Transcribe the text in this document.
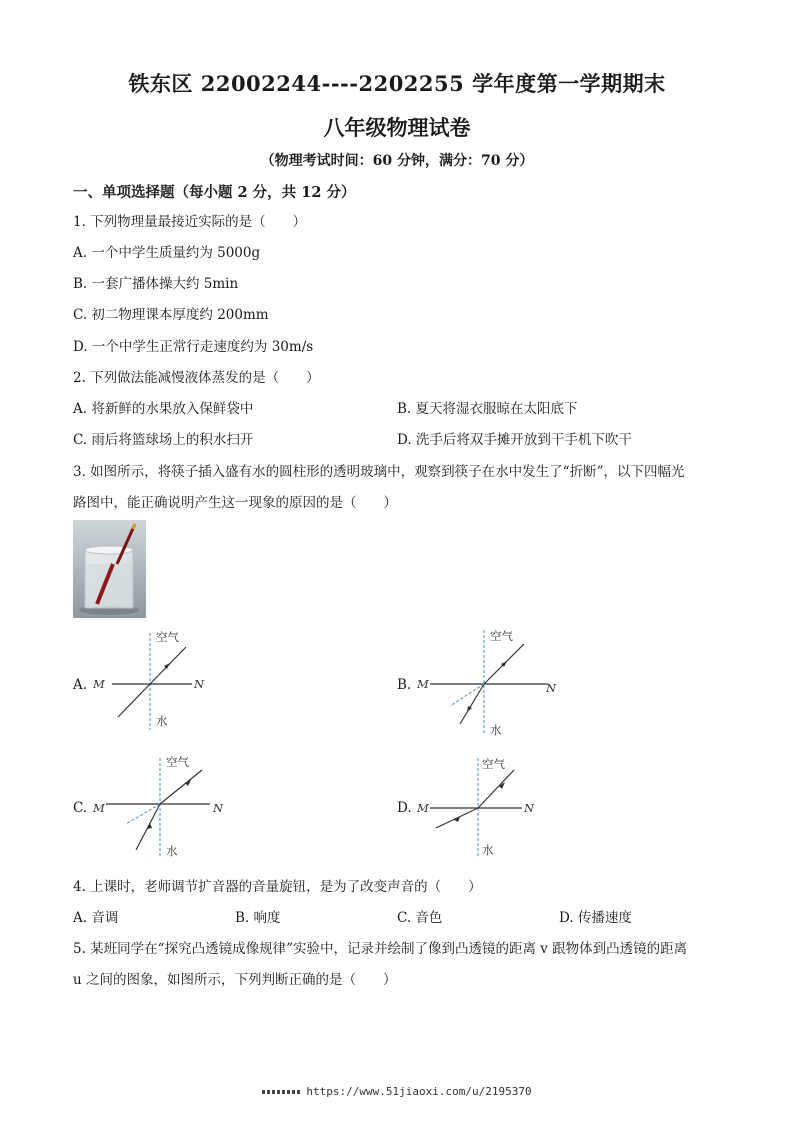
铁东区 22002244----2202255 学年度第一学期期末
八年级物理试卷
（物理考试时间：60 分钟，满分：70 分）
一、单项选择题（每小题 2 分，共 12 分）
1. 下列物理量最接近实际的是（　　）
A. 一个中学生质量约为 5000g
B. 一套广播体操大约 5min
C. 初二物理课本厚度约 200mm
D. 一个中学生正常行走速度约为 30m/s
2. 下列做法能减慢液体蒸发的是（　　）
A. 将新鲜的水果放入保鲜袋中	B. 夏天将湿衣服晾在太阳底下
C. 雨后将篮球场上的积水扫开	D. 洗手后将双手摊开放到干手机下吹干
3. 如图所示，将筷子插入盛有水的圆柱形的透明玻璃中，观察到筷子在水中发生了“折断”，以下四幅光
路图中，能正确说明产生这一现象的原因的是（　　）
A.
空气
M	N
水
B.
空气
M	N
水
C.
空气
M	N
水
D.
空气
M	N
水
4. 上课时，老师调节扩音器的音量旋钮，是为了改变声音的（　　）
A. 音调	B. 响度	C. 音色	D. 传播速度
5. 某班同学在“探究凸透镜成像规律”实验中，记录并绘制了像到凸透镜的距离 v 跟物体到凸透镜的距离
u 之间的图象，如图所示，下列判断正确的是（　　）
https://www.51jiaoxi.com/u/2195370
